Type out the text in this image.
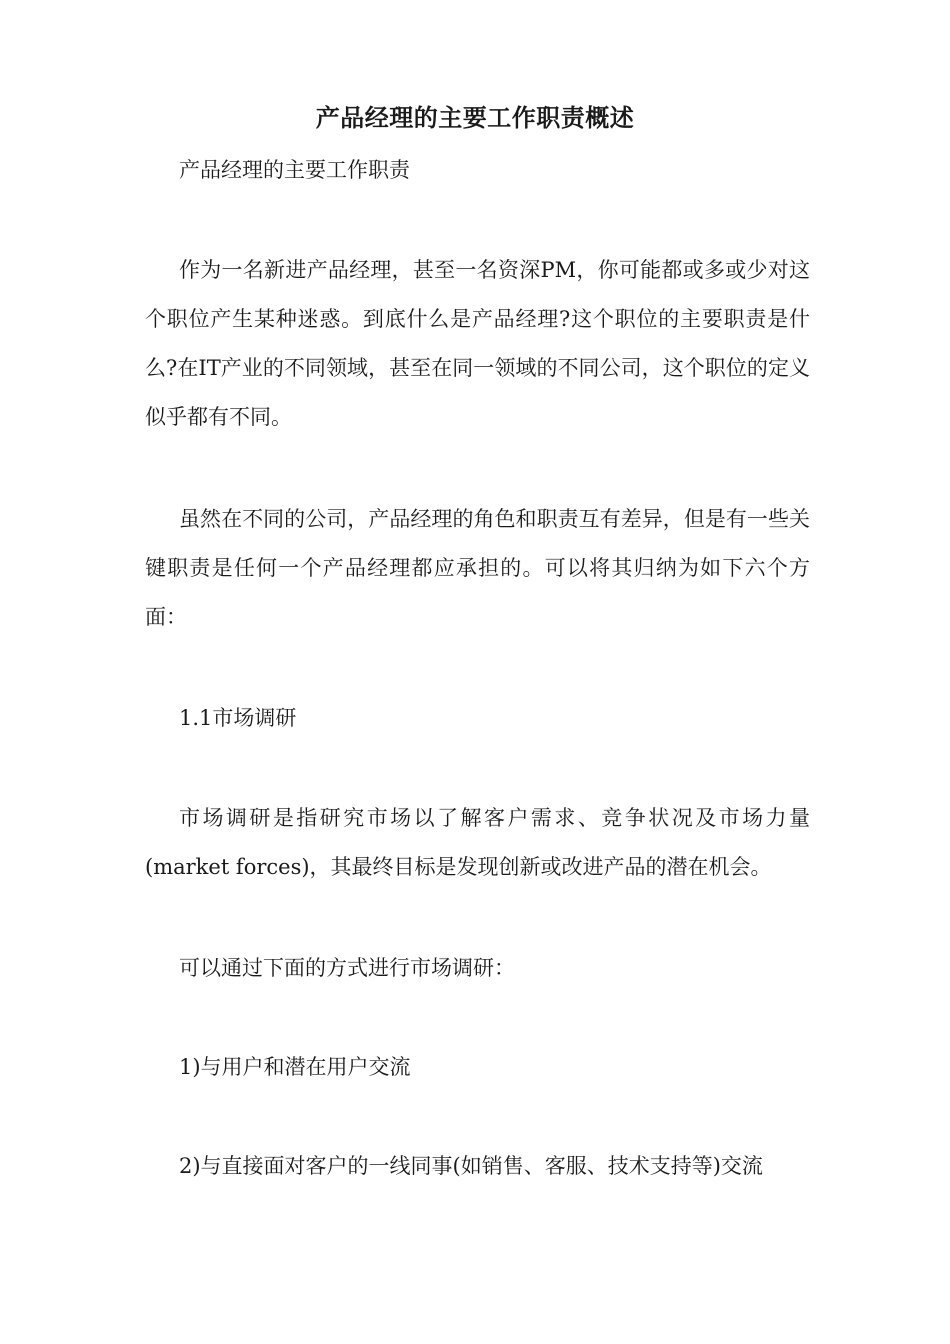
产品经理的主要工作职责概述

产品经理的主要工作职责

作为一名新进产品经理，甚至一名资深PM，你可能都或多或少对这个职位产生某种迷惑。到底什么是产品经理?这个职位的主要职责是什么?在IT产业的不同领域，甚至在同一领域的不同公司，这个职位的定义似乎都有不同。

虽然在不同的公司，产品经理的角色和职责互有差异，但是有一些关键职责是任何一个产品经理都应承担的。可以将其归纳为如下六个方面：

1.1市场调研

市场调研是指研究市场以了解客户需求、竞争状况及市场力量(market forces)，其最终目标是发现创新或改进产品的潜在机会。

可以通过下面的方式进行市场调研：

1)与用户和潜在用户交流

2)与直接面对客户的一线同事(如销售、客服、技术支持等)交流
